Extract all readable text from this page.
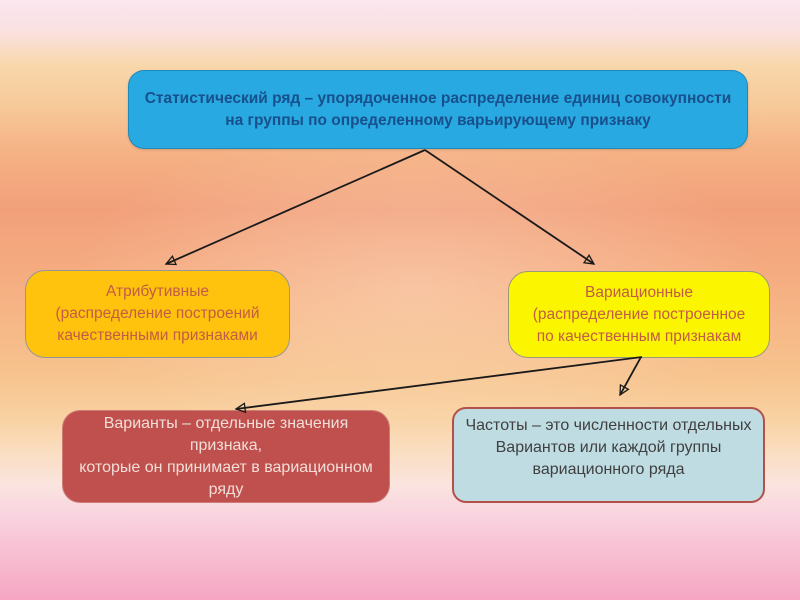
Статистический ряд – упорядоченное распределение единиц совокупности
на группы по определенному варьирующему признаку
Атрибутивные
(распределение построений
качественными признаками
Вариационные
(распределение построенное
по качественным признакам
Варианты – отдельные значения
признака,
которые он принимает в вариационном
ряду
Частоты – это численности отдельных
Вариантов или каждой группы
вариационного ряда
